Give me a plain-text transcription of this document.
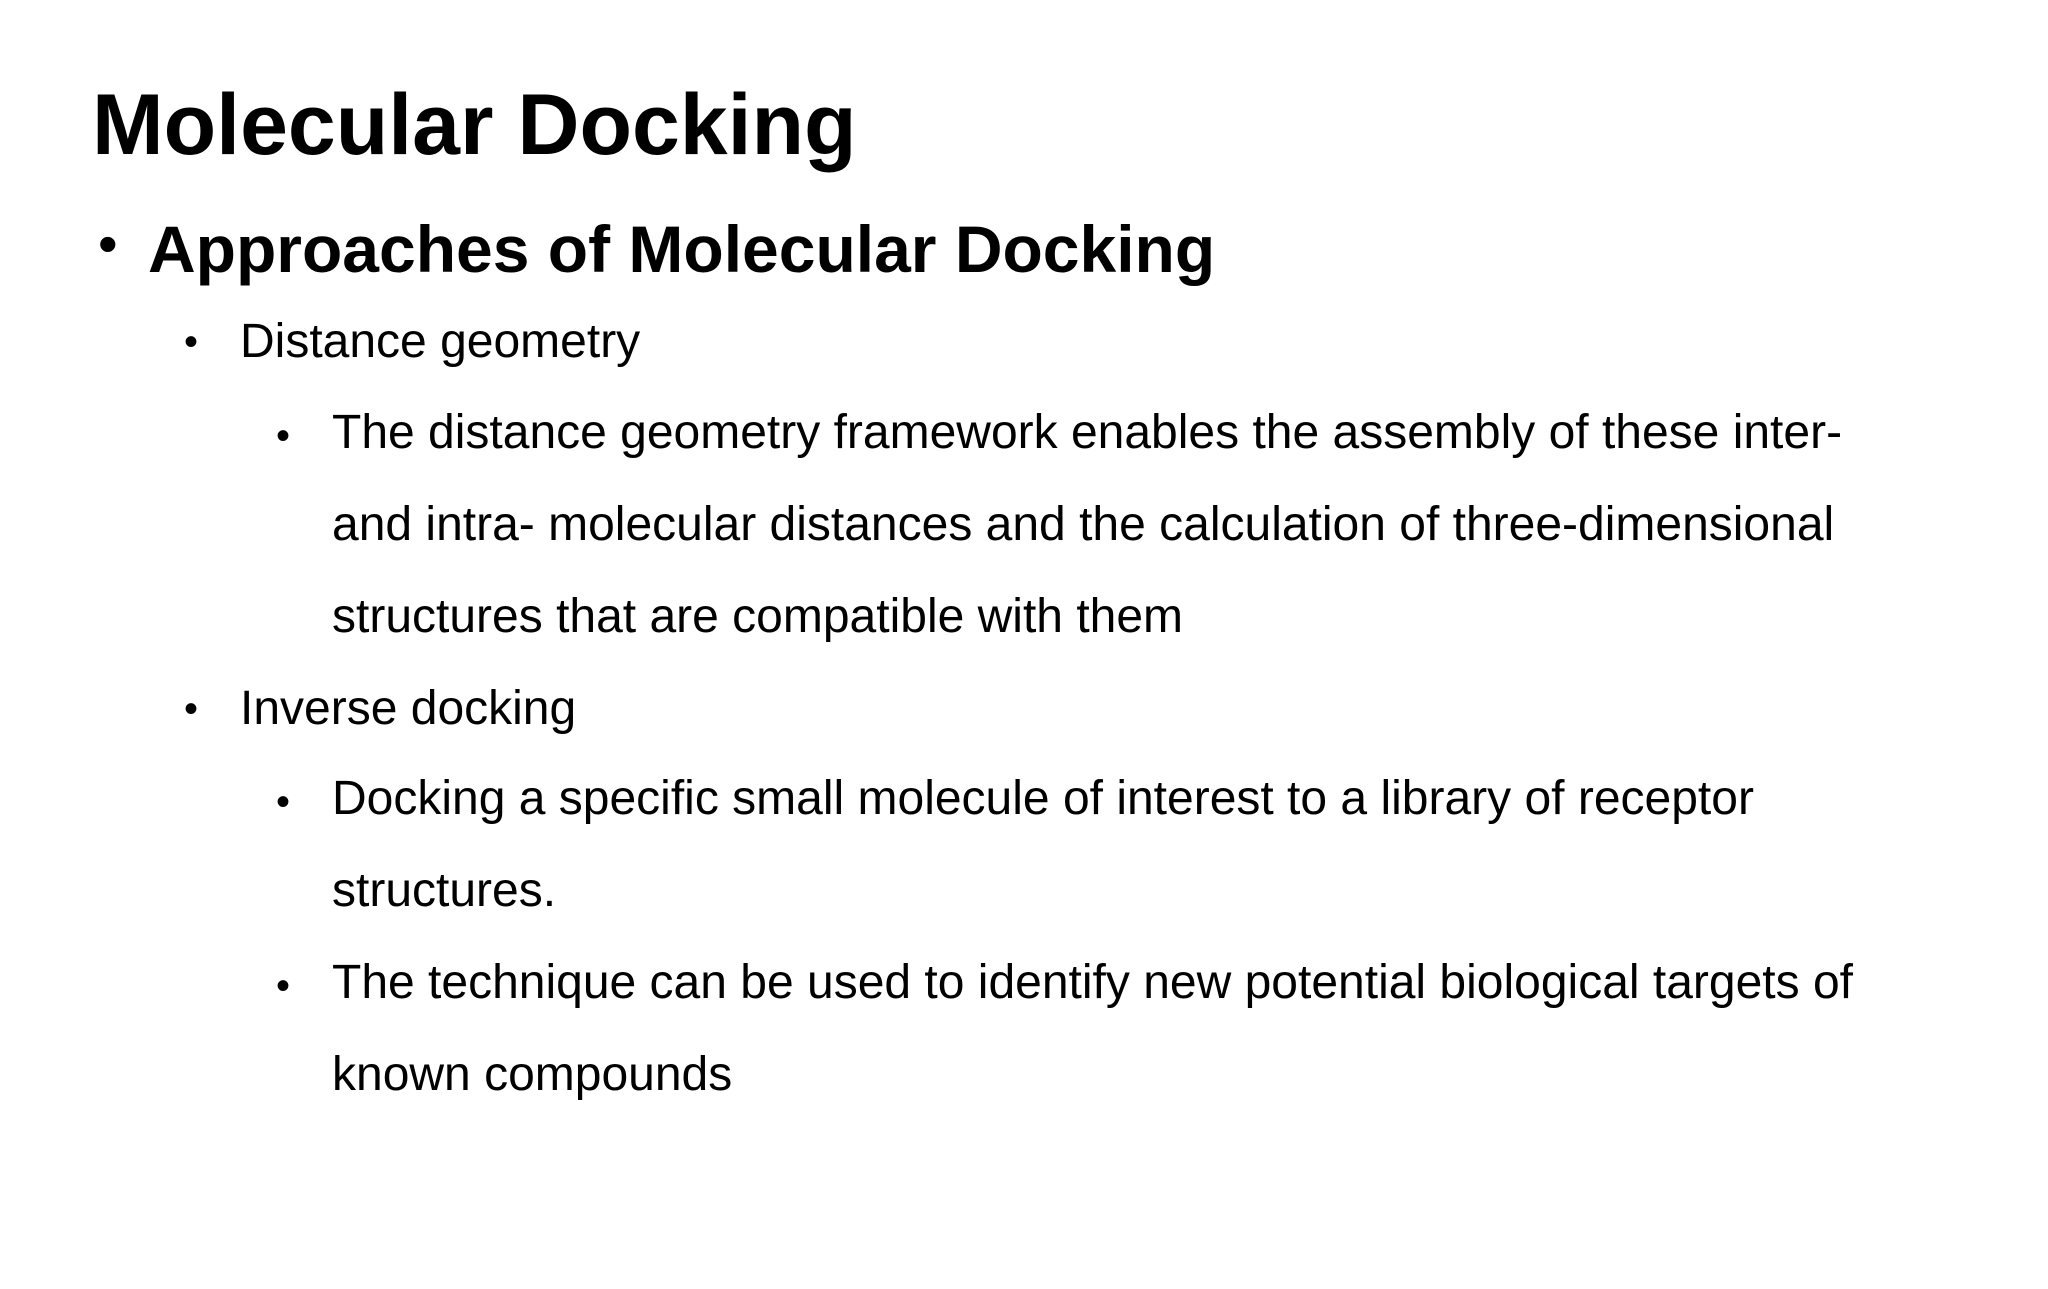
Molecular Docking
• Approaches of Molecular Docking
• Distance geometry
• The distance geometry framework enables the assembly of these inter-
and intra- molecular distances and the calculation of three-dimensional
structures that are compatible with them
• Inverse docking
• Docking a specific small molecule of interest to a library of receptor
structures.
• The technique can be used to identify new potential biological targets of
known compounds
